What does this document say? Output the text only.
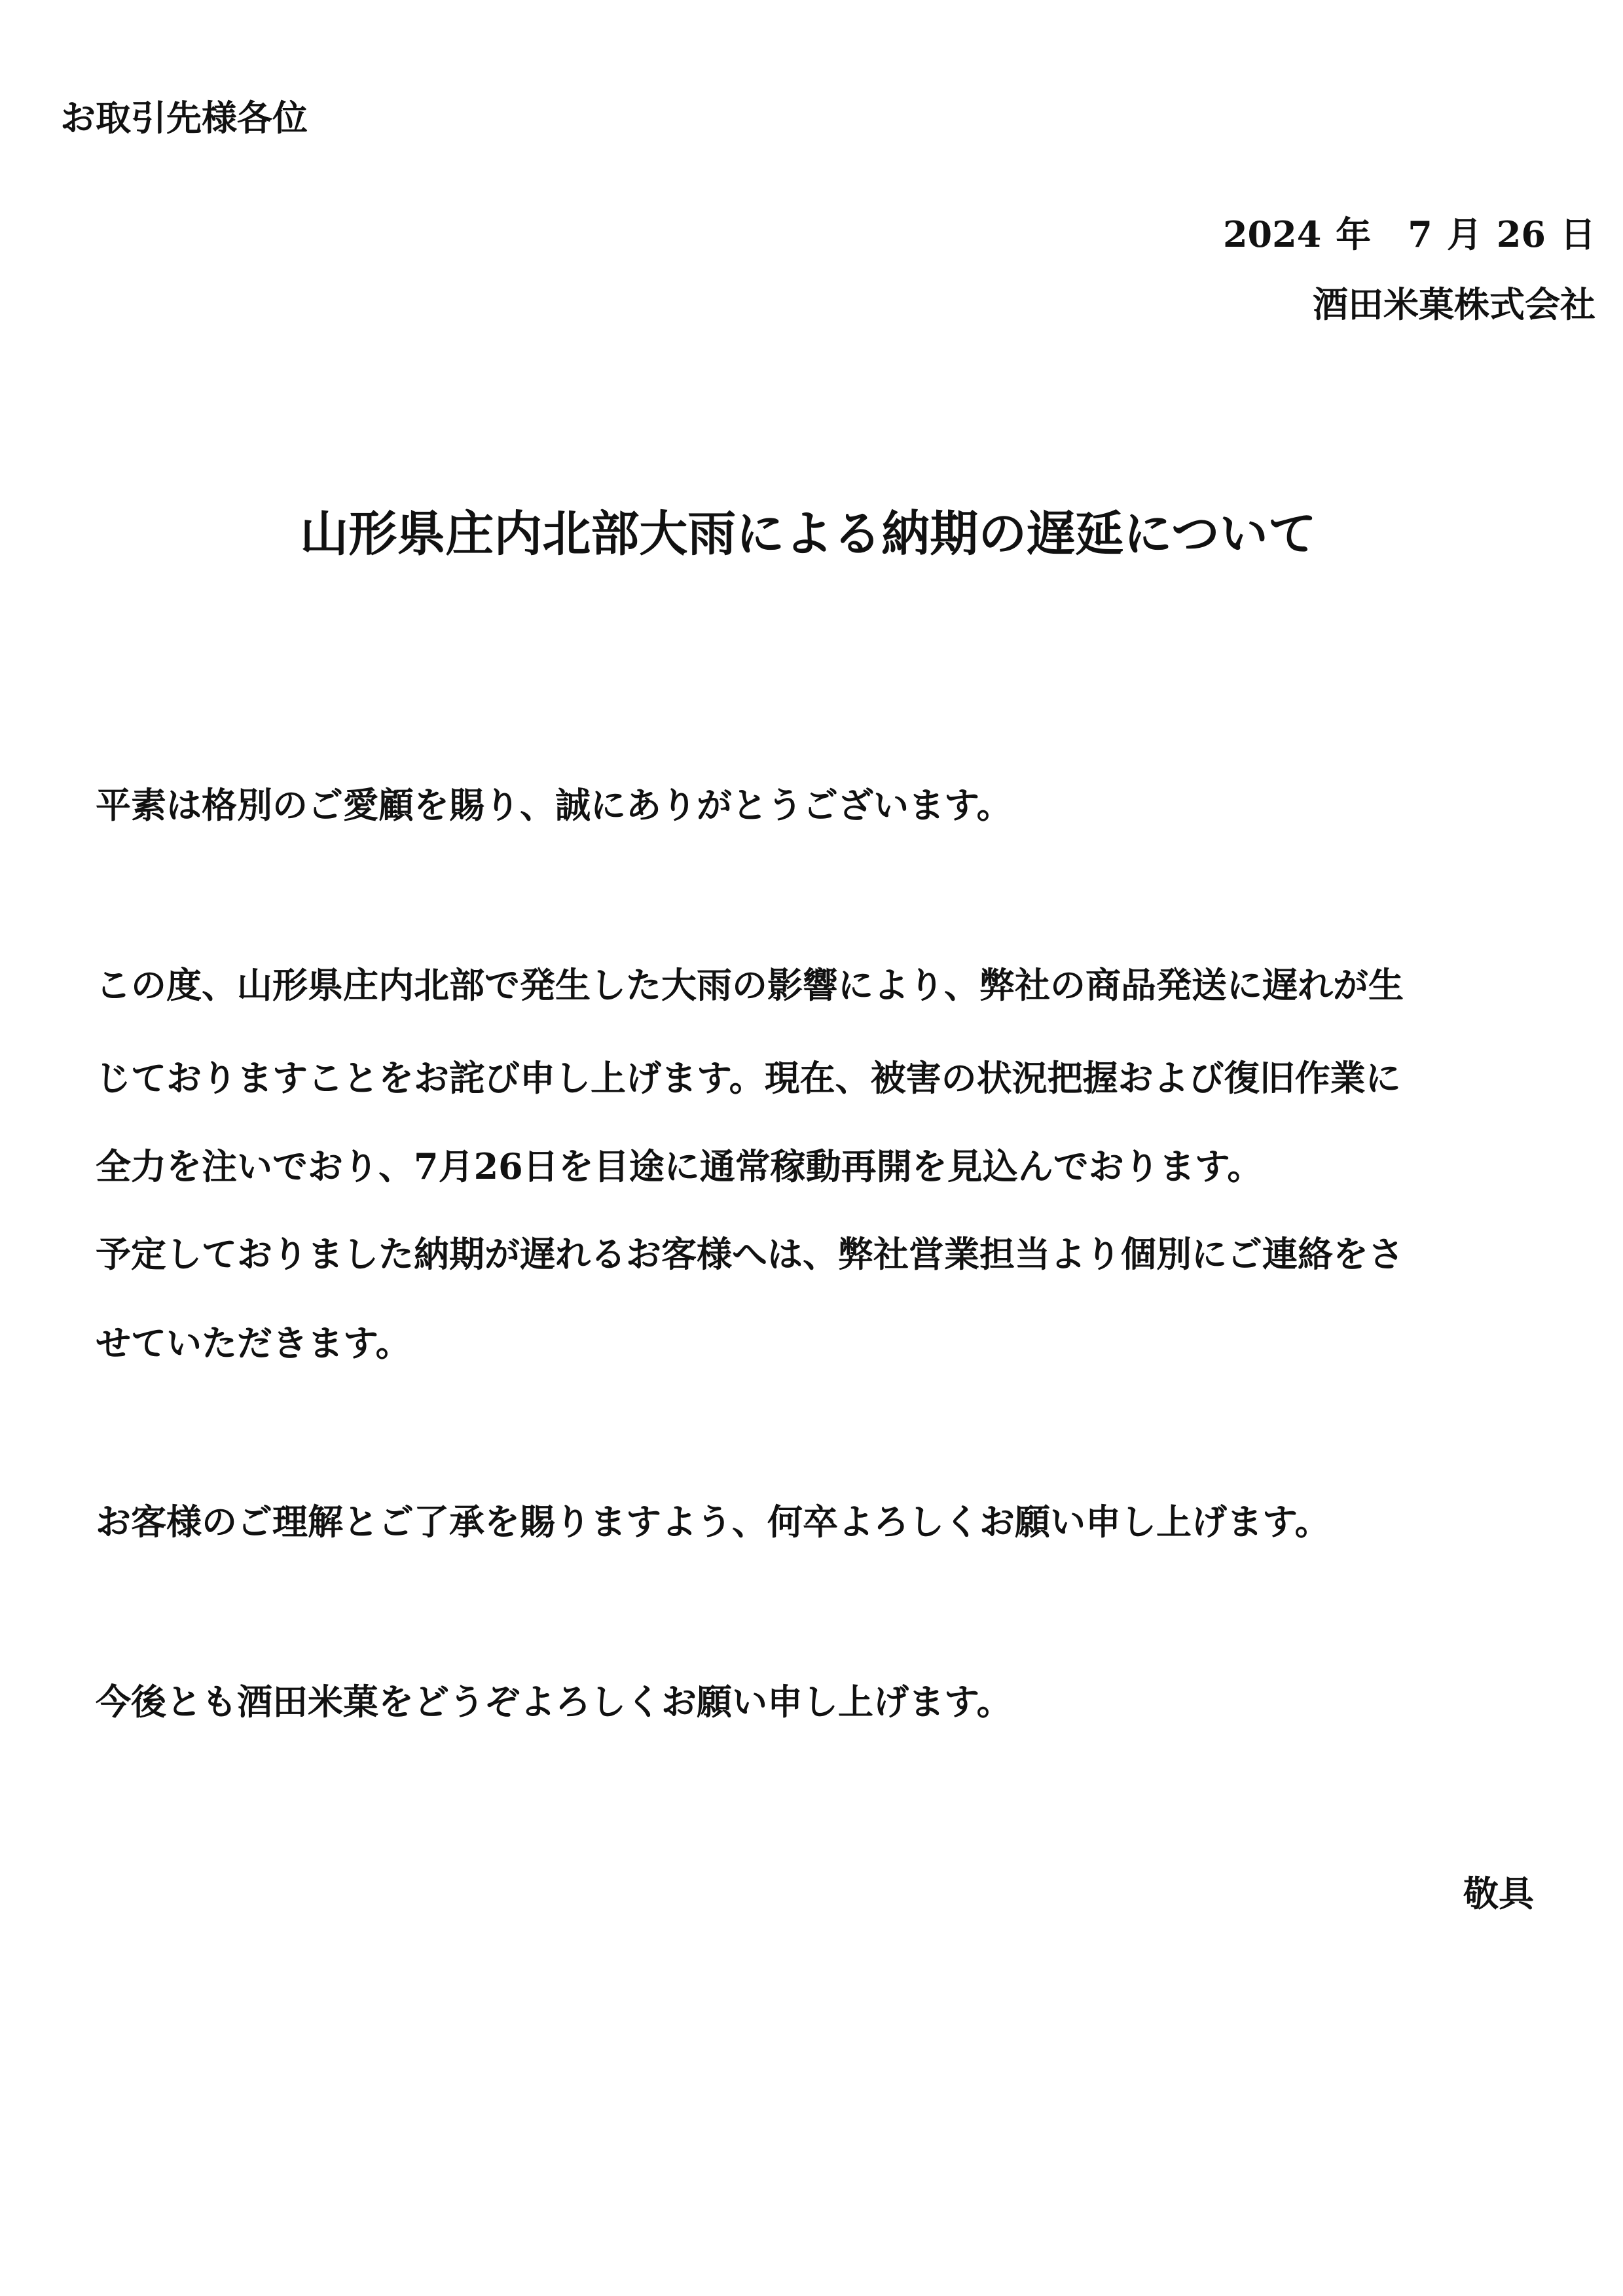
お取引先様各位
2024 年 7 月 26 日
酒田米菓株式会社
山形県庄内北部大雨による納期の遅延について
平素は格別のご愛顧を賜り、誠にありがとうございます。
この度、山形県庄内北部で発生した大雨の影響により、弊社の商品発送に遅れが生
じておりますことをお詫び申し上げます。現在、被害の状況把握および復旧作業に
全力を注いでおり、7月26日を目途に通常稼動再開を見込んでおります。
予定しておりました納期が遅れるお客様へは、弊社営業担当より個別にご連絡をさ
せていただきます。
お客様のご理解とご了承を賜りますよう、何卒よろしくお願い申し上げます。
今後とも酒田米菓をどうぞよろしくお願い申し上げます。
敬具
